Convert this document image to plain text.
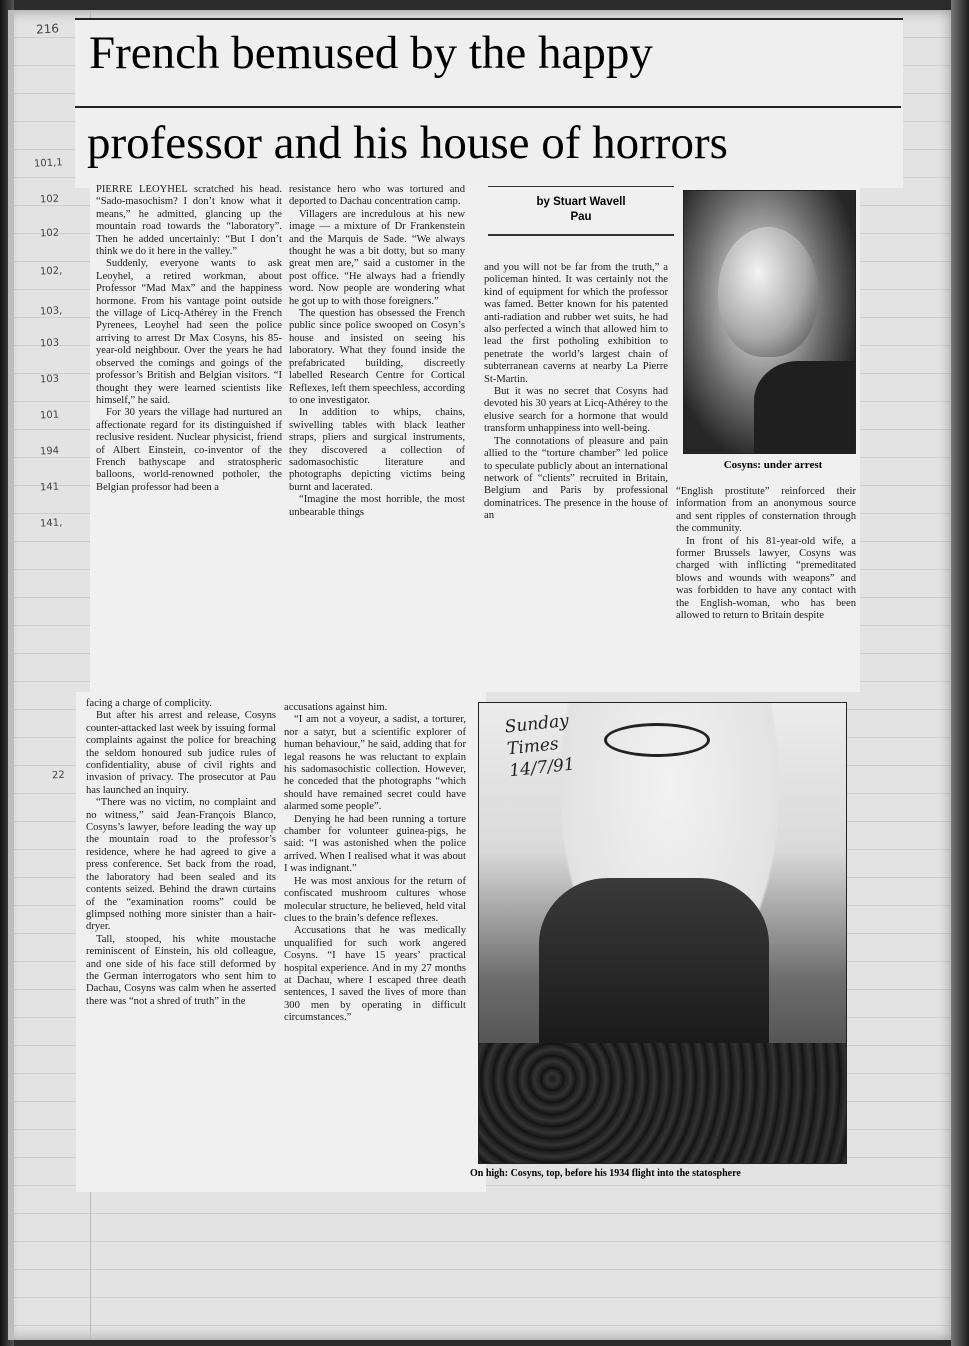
216
101,1
102
102
102,
103,
103
103
101
194
141
141,
22
French bemused by the happy
professor and his house of horrors

PIERRE LEOYHEL scratched his head. “Sado-masochism? I don’t know what it means,” he admitted, glancing up the mountain road towards the “laboratory”. Then he added uncertainly: “But I don’t think we do it here in the valley.”

Suddenly, everyone wants to ask Leoyhel, a retired workman, about Professor “Mad Max” and the happiness hormone. From his vantage point outside the village of Licq-Athérey in the French Pyrenees, Leoyhel had seen the police arriving to arrest Dr Max Cosyns, his 85-year-old neighbour. Over the years he had observed the comings and goings of the professor’s British and Belgian visitors. “I thought they were learned scientists like himself,” he said.

For 30 years the village had nurtured an affectionate regard for its distinguished if reclusive resident. Nuclear physicist, friend of Albert Einstein, co-inventor of the French bathyscape and stratospheric balloons, world-renowned potholer, the Belgian professor had been a

resistance hero who was tortured and deported to Dachau concentration camp.

Villagers are incredulous at his new image — a mixture of Dr Frankenstein and the Marquis de Sade. “We always thought he was a bit dotty, but so many great men are,” said a customer in the post office. “He always had a friendly word. Now people are wondering what he got up to with those foreigners.”

The question has obsessed the French public since police swooped on Cosyn’s house and insisted on seeing his laboratory. What they found inside the prefabricated building, discreetly labelled Research Centre for Cortical Reflexes, left them speechless, according to one investigator.

In addition to whips, chains, swivelling tables with black leather straps, pliers and surgical instruments, they discovered a collection of sadomasochistic literature and photographs depicting victims being burnt and lacerated.

“Imagine the most horrible, the most unbearable things

by Stuart Wavell
Pau

and you will not be far from the truth,” a policeman hinted. It was certainly not the kind of equipment for which the professor was famed. Better known for his patented anti-radiation and rubber wet suits, he had also perfected a winch that allowed him to lead the first potholing exhibition to penetrate the world’s largest chain of subterranean caverns at nearby La Pierre St-Martin.

But it was no secret that Cosyns had devoted his 30 years at Licq-Athérey to the elusive search for a hormone that would transform unhappiness into well-being.

The connotations of pleasure and pain allied to the “torture chamber” led police to speculate publicly about an international network of “clients” recruited in Britain, Belgium and Paris by professional dominatrices. The presence in the house of an

Cosyns: under arrest

“English prostitute” reinforced their information from an anonymous source and sent ripples of consternation through the community.

In front of his 81-year-old wife, a former Brussels lawyer, Cosyns was charged with inflicting “premeditated blows and wounds with weapons” and was forbidden to have any contact with the English-woman, who has been allowed to return to Britain despite

facing a charge of complicity.

But after his arrest and release, Cosyns counter-attacked last week by issuing formal complaints against the police for breaching the seldom honoured sub judice rules of confidentiality, abuse of civil rights and invasion of privacy. The prosecutor at Pau has launched an inquiry.

“There was no victim, no complaint and no witness,” said Jean-François Blanco, Cosyns’s lawyer, before leading the way up the mountain road to the professor’s residence, where he had agreed to give a press conference. Set back from the road, the laboratory had been sealed and its contents seized. Behind the drawn curtains of the “examination rooms” could be glimpsed nothing more sinister than a hair-dryer.

Tall, stooped, his white moustache reminiscent of Einstein, his old colleague, and one side of his face still deformed by the German interrogators who sent him to Dachau, Cosyns was calm when he asserted there was “not a shred of truth” in the

accusations against him.

“I am not a voyeur, a sadist, a torturer, nor a satyr, but a scientific explorer of human behaviour,” he said, adding that for legal reasons he was reluctant to explain his sadomasochistic collection. However, he conceded that the photographs “which should have remained secret could have alarmed some people”.

Denying he had been running a torture chamber for volunteer guinea-pigs, he said: “I was astonished when the police arrived. When I realised what it was about I was indignant.”

He was most anxious for the return of confiscated mushroom cultures whose molecular structure, he believed, held vital clues to the brain’s defence reflexes.

Accusations that he was medically unqualified for such work angered Cosyns. “I have 15 years’ practical hospital experience. And in my 27 months at Dachau, where I escaped three death sentences, I saved the lives of more than 300 men by operating in difficult circumstances.”

Sunday
Times
14/7/91
On high: Cosyns, top, before his 1934 flight into the statosphere
